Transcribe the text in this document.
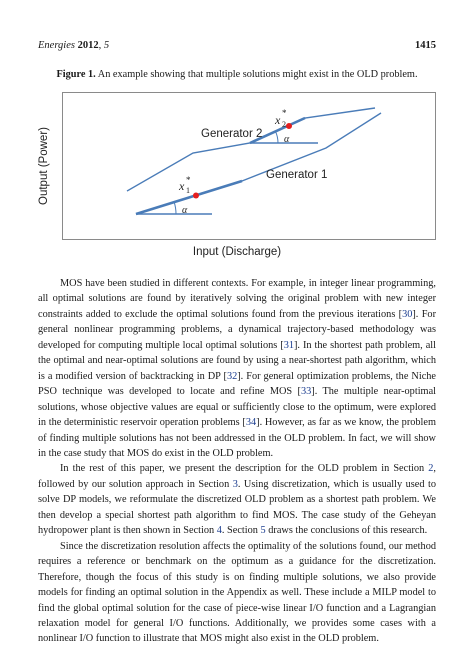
Energies 2012, 5	1415
Figure 1. An example showing that multiple solutions might exist in the OLD problem.
Generator 2
Generator 1
x 2 *
x 1 *
α
α
Output (Power)
Input (Discharge)

MOS have been studied in different contexts. For example, in integer linear programming, all optimal solutions are found by iteratively solving the original problem with new integer constraints added to exclude the optimal solutions found from the previous iterations [30]. For general nonlinear programming problems, a dynamical trajectory-based methodology was developed for computing multiple local optimal solutions [31]. In the shortest path problem, all the optimal and near-optimal solutions are found by using a near-shortest path algorithm, which is a modified version of backtracking in DP [32]. For general optimization problems, the Niche PSO technique was developed to locate and refine MOS [33]. The multiple near-optimal solutions, whose objective values are equal or sufficiently close to the optimum, were explored in the deterministic reservoir operation problems [34]. However, as far as we know, the problem of finding multiple solutions has not been addressed in the OLD problem. In fact, we will show in the case study that MOS do exist in the OLD problem.

In the rest of this paper, we present the description for the OLD problem in Section 2, followed by our solution approach in Section 3. Using discretization, which is usually used to solve DP models, we reformulate the discretized OLD problem as a shortest path problem. We then develop a special shortest path algorithm to find MOS. The case study of the Geheyan hydropower plant is then shown in Section 4. Section 5 draws the conclusions of this research.

Since the discretization resolution affects the optimality of the solutions found, our method requires a reference or benchmark on the optimum as a guidance for the discretization. Therefore, though the focus of this study is on finding multiple solutions, we also provide models for finding an optimal solution in the Appendix as well. These include a MILP model to find the global optimal solution for the case of piece-wise linear I/O function and a Lagrangian relaxation model for general I/O functions. Additionally, we provides some cases with a nonlinear I/O function to illustrate that MOS might also exist in the OLD problem.
